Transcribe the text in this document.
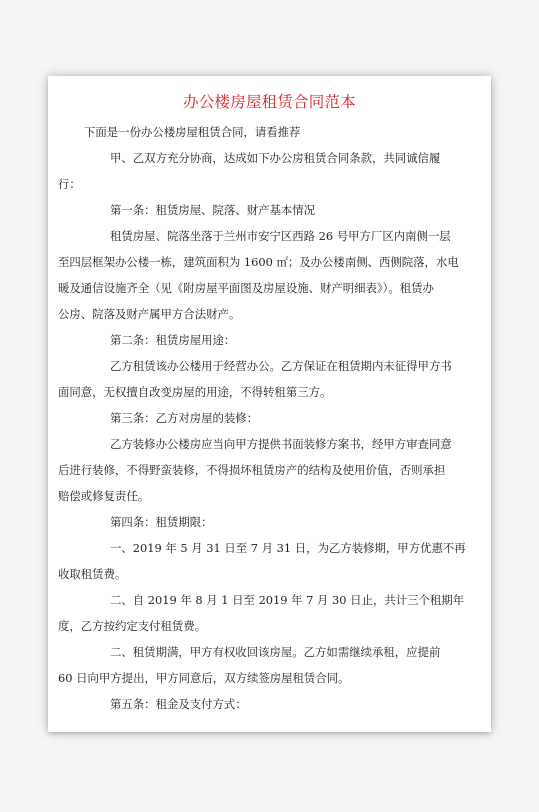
办公楼房屋租赁合同范本
下面是一份办公楼房屋租赁合同，请看推荐
甲、乙双方充分协商，达成如下办公房租赁合同条款，共同诚信履
行：
第一条：租赁房屋、院落、财产基本情况
租赁房屋、院落坐落于兰州市安宁区西路 26 号甲方厂区内南侧一层
至四层框架办公楼一栋，建筑面积为 1600 ㎡；及办公楼南侧、西侧院落，水电
暖及通信设施齐全（见《附房屋平面图及房屋设施、财产明细表》）。租赁办
公房、院落及财产属甲方合法财产。
第二条：租赁房屋用途：
乙方租赁该办公楼用于经营办公。乙方保证在租赁期内未征得甲方书
面同意，无权擅自改变房屋的用途，不得转租第三方。
第三条：乙方对房屋的装修：
乙方装修办公楼房应当向甲方提供书面装修方案书，经甲方审查同意
后进行装修，不得野蛮装修，不得损坏租赁房产的结构及使用价值，否则承担
赔偿或修复责任。
第四条：租赁期限：
一、2019 年 5 月 31 日至 7 月 31 日，为乙方装修期，甲方优惠不再
收取租赁费。
二、自 2019 年 8 月 1 日至 2019 年 7 月 30 日止，共计三个租期年
度，乙方按约定支付租赁费。
二、租赁期满，甲方有权收回该房屋。乙方如需继续承租，应提前
60 日向甲方提出，甲方同意后，双方续签房屋租赁合同。
第五条：租金及支付方式：
